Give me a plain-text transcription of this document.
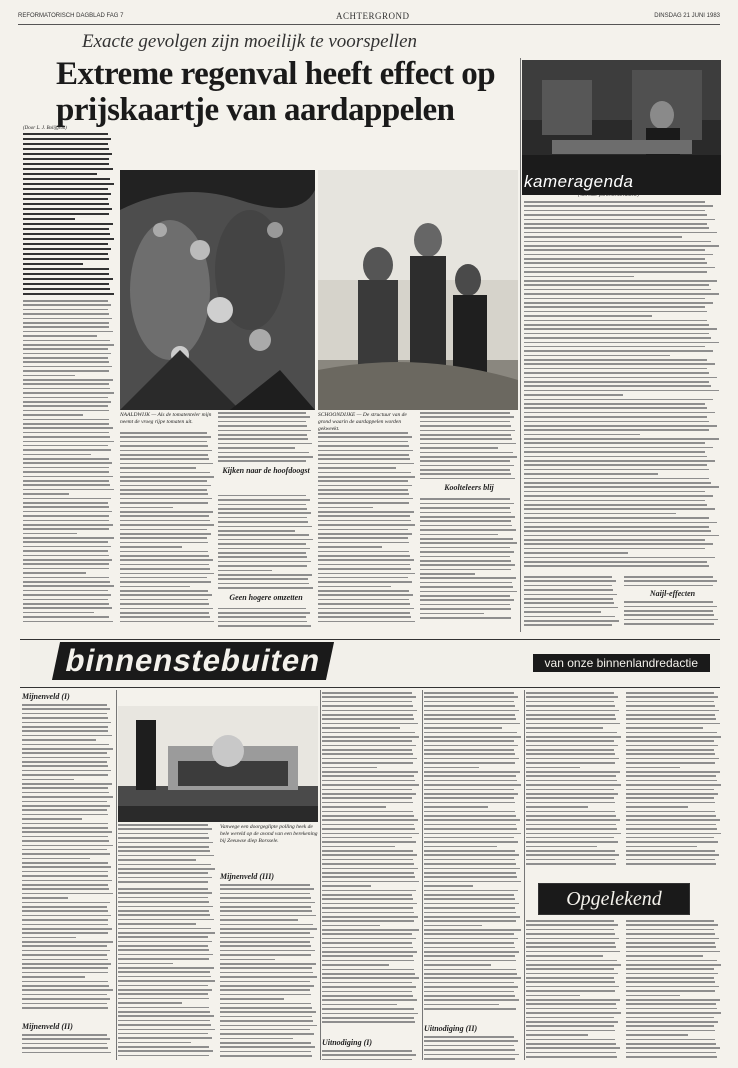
REFORMATORISCH DAGBLAD FAG 7	ACHTERGROND	DINSDAG 21 JUNI 1983
Exacte gevolgen zijn moeilijk te voorspellen
Extreme regenval heeft effect op prijskaartje van aardappelen
(Door L. J. Bolijgrok)
NAALDWIJK — Als de tomatenteler mijn neemt de vroeg rijpe tomaten uit.
SCHOONDIJKE — De structuur van de grond waarin de aardappelen worden gekweekt.
Kijken naar de hoofdoogst
Geen hogere omzetten
Koolteleers blij
kameragenda
(Van onze parlementsredactie)
Naijl-effecten
binnenstebuiten	van onze binnenlandredactie
Mijnenveld (I)
Mijnenveld (II)
Vanwege een doorgeglipte polling heek de hele wereld op de avond van een berekening bij Zeeuwse diep Borssele.
Mijnenveld (III)
Uitnodiging (I)
Uitnodiging (II)
Opgelekend
